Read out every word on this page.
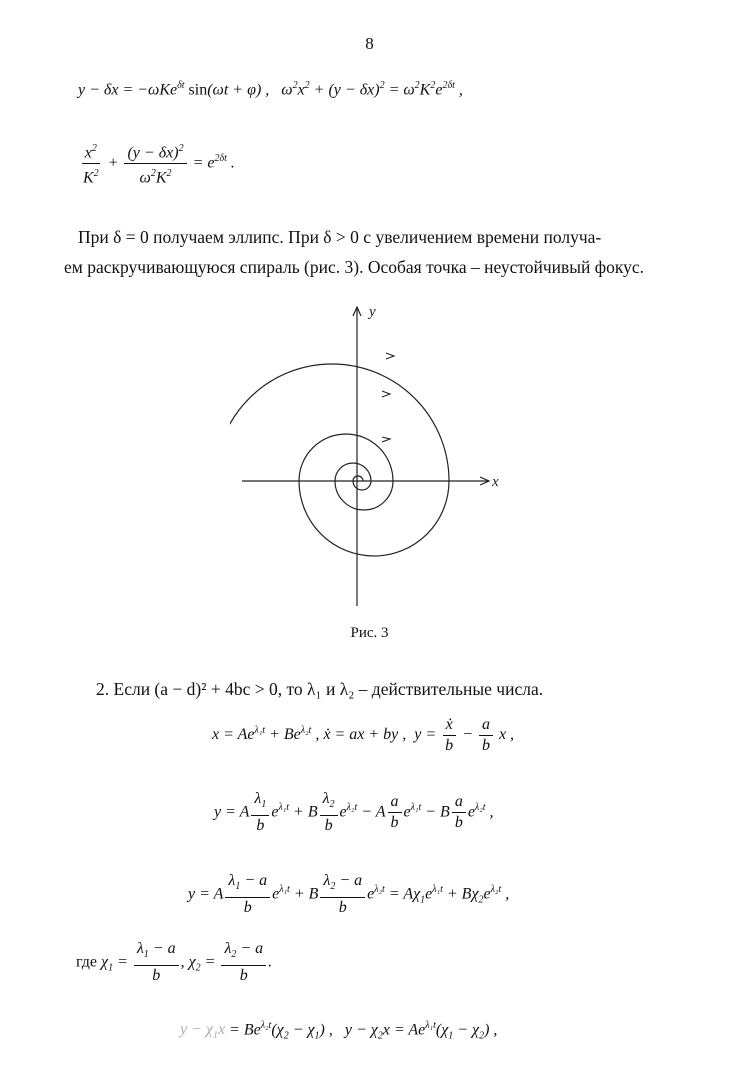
8
y − δx = −ωKe$^{\delta t}$ sin(ωt + φ) ,   $\omega^2x^2 + (y - \delta x)^2 = \omega^2K^2e^{2\delta t}$ ,
$\frac{x^2}{K^2} + \frac{(y - \delta x)^2}{\omega^2K^2} = e^{2\delta t}$ .
При δ = 0 получаем эллипс. При δ > 0 с увеличением времени получа-
ем раскручивающуюся спираль (рис. 3). Особая точка – неустойчивый фокус.
x
y
Рис. 3
2. Если (a − d)² + 4bc > 0, то λ₁ и λ₂ – действительные числа.
$x = Ae^{\lambda_1t} + Be^{\lambda_2t}$ , ẋ = ax + by ,  $y = \frac{\text{ẋ}}{b} - \frac{a}{b}$ x ,
y = A $\frac{\lambda_1}{b} e^{\lambda_1t} + B \frac{\lambda_2}{b} e^{\lambda_2t} - A \frac{a}{b} e^{\lambda_1t} - B \frac{a}{b} e^{\lambda_2t}$ ,
y = A $\frac{\lambda_1 - a}{b} e^{\lambda_1t} + B \frac{\lambda_2 - a}{b} e^{\lambda_2t} = A\chi_1e^{\lambda_1t} + B\chi_2e^{\lambda_2t}$ ,
где $\chi_1 = \frac{\lambda_1 - a}{b}$ , $\chi_2 = \frac{\lambda_2 - a}{b}$ .
$y - \chi_1x = Be^{\lambda_2t}(\chi_2 - \chi_1)$ ,   $y - \chi_2x = Ae^{\lambda_1t}(\chi_1 - \chi_2)$ ,
